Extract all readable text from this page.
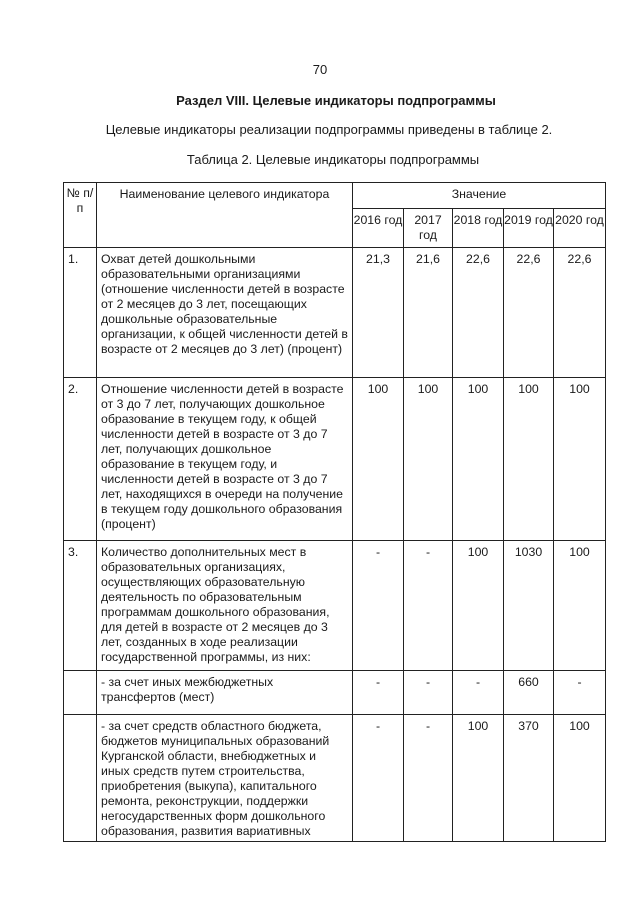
70
Раздел VIII. Целевые индикаторы подпрограммы
Целевые индикаторы реализации подпрограммы приведены в таблице 2.
Таблица 2. Целевые индикаторы подпрограммы
№ п/п	Наименование целевого индикатора	Значение				
		2016 год	2017 год	2018 год	2019 год	2020 год
1.	Охват детей дошкольными образовательными организациями (отношение численности детей в возрасте от 2 месяцев до 3 лет, посещающих дошкольные образовательные организации, к общей численности детей в возрасте от 2 месяцев до 3 лет) (процент)	21,3	21,6	22,6	22,6	22,6
2.	Отношение численности детей в возрасте от 3 до 7 лет, получающих дошкольное образование в текущем году, к общей численности детей в возрасте от 3 до 7 лет, получающих дошкольное образование в текущем году, и численности детей в возрасте от 3 до 7 лет, находящихся в очереди на получение в текущем году дошкольного образования (процент)	100	100	100	100	100
3.	Количество дополнительных мест в образовательных организациях, осуществляющих образовательную деятельность по образовательным программам дошкольного образования, для детей в возрасте от 2 месяцев до 3 лет, созданных в ходе реализации государственной программы, из них:	-	-	100	1030	100
	- за счет иных межбюджетных трансфертов (мест)	-	-	-	660	-
	- за счет средств областного бюджета, бюджетов муниципальных образований Курганской области, внебюджетных и иных средств путем строительства, приобретения (выкупа), капитального ремонта, реконструкции, поддержки негосударственных форм дошкольного образования, развития вариативных	-	-	100	370	100
